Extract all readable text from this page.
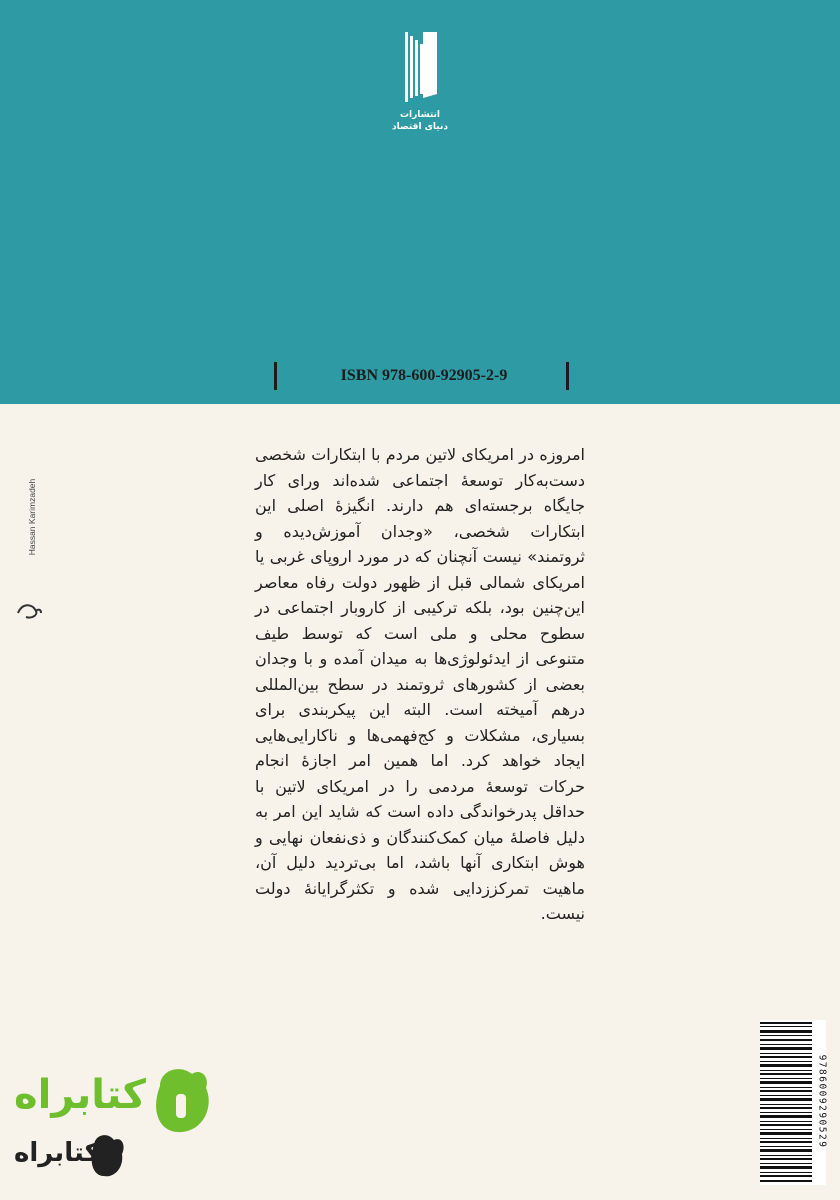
انتشارات
دنیای اقتصاد
ISBN 978-600-92905-2-9
Hassan Karimzadeh

امروزه در امریکای لاتین مردم با ابتکارات شخصی دست‌به‌کار توسعهٔ اجتماعی شده‌اند ورای کار جایگاه برجسته‌ای هم دارند. انگیزهٔ اصلی این ابتکارات شخصی، «وجدان آموزش‌دیده و ثروتمند» نیست آنچنان که در مورد اروپای غربی یا امریکای شمالی قبل از ظهور دولت رفاه معاصر این‌چنین بود، بلکه ترکیبی از کاروبار اجتماعی در سطوح محلی و ملی است که توسط طیف متنوعی از ایدئولوژی‌ها به میدان آمده و با وجدان بعضی از کشورهای ثروتمند در سطح بین‌المللی درهم آمیخته است. البته این پیکربندی برای بسیاری، مشکلات و کج‌فهمی‌ها و ناکارایی‌هایی ایجاد خواهد کرد. اما همین امر اجازهٔ انجام حرکات توسعهٔ مردمی را در امریکای لاتین با حداقل پدرخواندگی داده است که شاید این امر به دلیل فاصلهٔ میان کمک‌کنندگان و ذی‌نفعان نهایی و هوش ابتکاری آنها باشد، اما بی‌تردید دلیل آن، ماهیت تمرکززدایی شده و تکثرگرایانهٔ دولت نیست.

9786009290529
کتابراه
کتابراه
